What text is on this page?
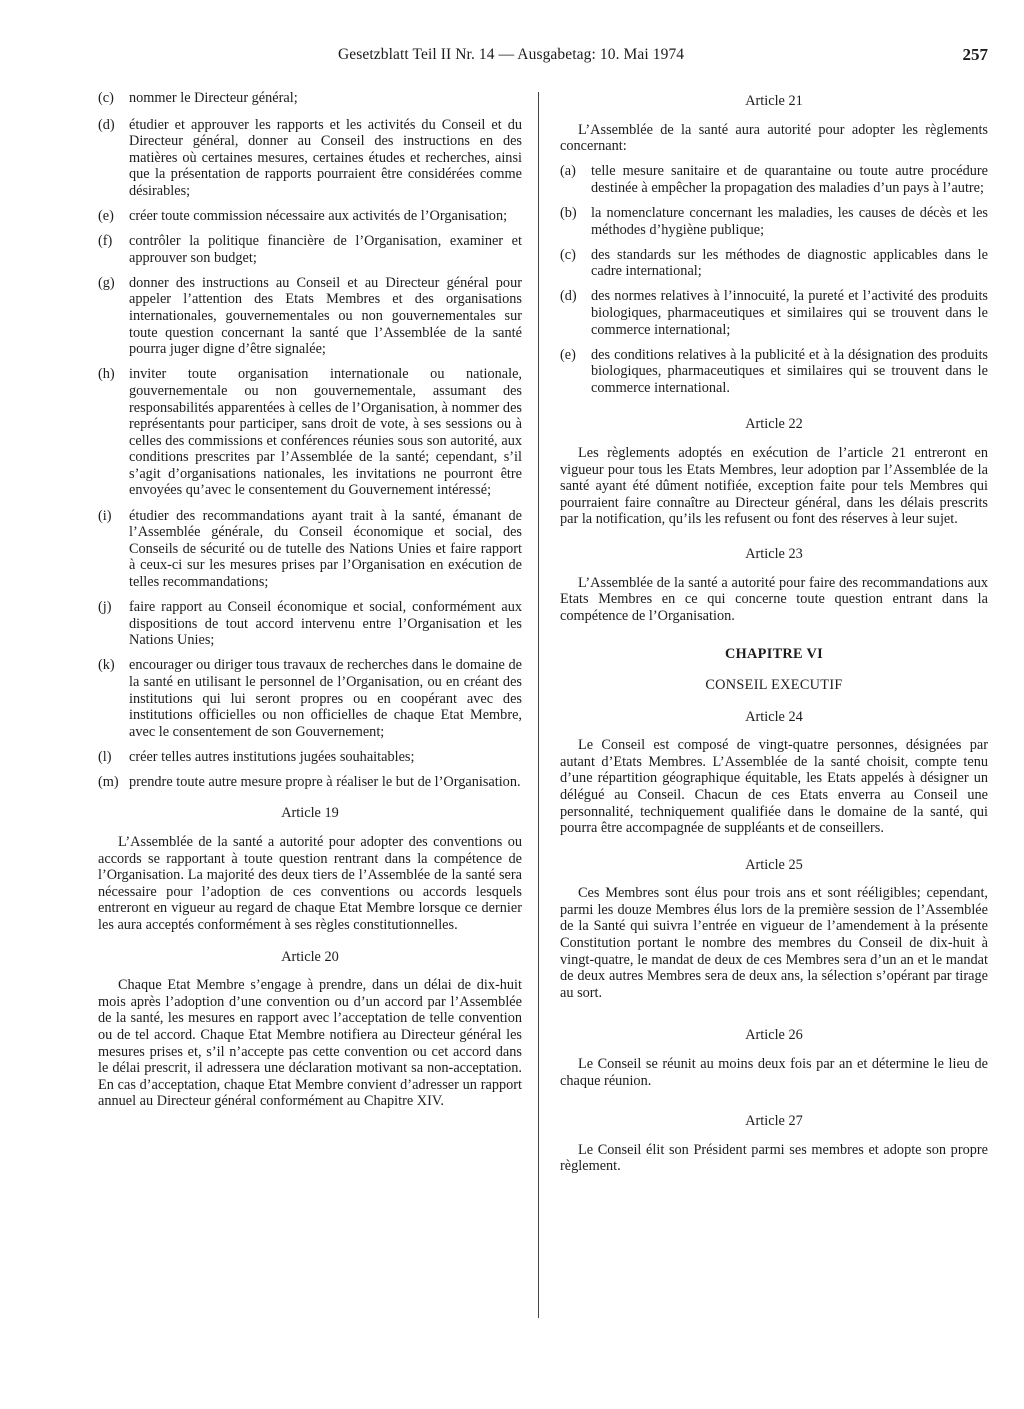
Gesetzblatt Teil II Nr. 14 — Ausgabetag: 10. Mai 1974	257
(c) nommer le Directeur général;
(d) étudier et approuver les rapports et les activités du Conseil et du Directeur général, donner au Conseil des instructions en des matières où certaines mesures, certaines études et recherches, ainsi que la présentation de rapports pourraient être considérées comme désirables;
(e) créer toute commission nécessaire aux activités de l’Organisation;
(f) contrôler la politique financière de l’Organisation, examiner et approuver son budget;
(g) donner des instructions au Conseil et au Directeur général pour appeler l’attention des Etats Membres et des organisations internationales, gouvernementales ou non gouvernementales sur toute question concernant la santé que l’Assemblée de la santé pourra juger digne d’être signalée;
(h) inviter toute organisation internationale ou nationale, gouvernementale ou non gouvernementale, assumant des responsabilités apparentées à celles de l’Organisation, à nommer des représentants pour participer, sans droit de vote, à ses sessions ou à celles des commissions et conférences réunies sous son autorité, aux conditions prescrites par l’Assemblée de la santé; cependant, s’il s’agit d’organisations nationales, les invitations ne pourront être envoyées qu’avec le consentement du Gouvernement intéressé;
(i) étudier des recommandations ayant trait à la santé, émanant de l’Assemblée générale, du Conseil économique et social, des Conseils de sécurité ou de tutelle des Nations Unies et faire rapport à ceux-ci sur les mesures prises par l’Organisation en exécution de telles recommandations;
(j) faire rapport au Conseil économique et social, conformément aux dispositions de tout accord intervenu entre l’Organisation et les Nations Unies;
(k) encourager ou diriger tous travaux de recherches dans le domaine de la santé en utilisant le personnel de l’Organisation, ou en créant des institutions qui lui seront propres ou en coopérant avec des institutions officielles ou non officielles de chaque Etat Membre, avec le consentement de son Gouvernement;
(l) créer telles autres institutions jugées souhaitables;
(m) prendre toute autre mesure propre à réaliser le but de l’Organisation.
Article 19
L’Assemblée de la santé a autorité pour adopter des conventions ou accords se rapportant à toute question rentrant dans la compétence de l’Organisation. La majorité des deux tiers de l’Assemblée de la santé sera nécessaire pour l’adoption de ces conventions ou accords lesquels entreront en vigueur au regard de chaque Etat Membre lorsque ce dernier les aura acceptés conformément à ses règles constitutionnelles.
Article 20
Chaque Etat Membre s’engage à prendre, dans un délai de dix-huit mois après l’adoption d’une convention ou d’un accord par l’Assemblée de la santé, les mesures en rapport avec l’acceptation de telle convention ou de tel accord. Chaque Etat Membre notifiera au Directeur général les mesures prises et, s’il n’accepte pas cette convention ou cet accord dans le délai prescrit, il adressera une déclaration motivant sa non-acceptation. En cas d’acceptation, chaque Etat Membre convient d’adresser un rapport annuel au Directeur général conformément au Chapitre XIV.
Article 21
L’Assemblée de la santé aura autorité pour adopter les règlements concernant:
(a) telle mesure sanitaire et de quarantaine ou toute autre procédure destinée à empêcher la propagation des maladies d’un pays à l’autre;
(b) la nomenclature concernant les maladies, les causes de décès et les méthodes d’hygiène publique;
(c) des standards sur les méthodes de diagnostic applicables dans le cadre international;
(d) des normes relatives à l’innocuité, la pureté et l’activité des produits biologiques, pharmaceutiques et similaires qui se trouvent dans le commerce international;
(e) des conditions relatives à la publicité et à la désignation des produits biologiques, pharmaceutiques et similaires qui se trouvent dans le commerce international.
Article 22
Les règlements adoptés en exécution de l’article 21 entreront en vigueur pour tous les Etats Membres, leur adoption par l’Assemblée de la santé ayant été dûment notifiée, exception faite pour tels Membres qui pourraient faire connaître au Directeur général, dans les délais prescrits par la notification, qu’ils les refusent ou font des réserves à leur sujet.
Article 23
L’Assemblée de la santé a autorité pour faire des recommandations aux Etats Membres en ce qui concerne toute question entrant dans la compétence de l’Organisation.
CHAPITRE VI
CONSEIL EXECUTIF
Article 24
Le Conseil est composé de vingt-quatre personnes, désignées par autant d’Etats Membres. L’Assemblée de la santé choisit, compte tenu d’une répartition géographique équitable, les Etats appelés à désigner un délégué au Conseil. Chacun de ces Etats enverra au Conseil une personnalité, techniquement qualifiée dans le domaine de la santé, qui pourra être accompagnée de suppléants et de conseillers.
Article 25
Ces Membres sont élus pour trois ans et sont rééligibles; cependant, parmi les douze Membres élus lors de la première session de l’Assemblée de la Santé qui suivra l’entrée en vigueur de l’amendement à la présente Constitution portant le nombre des membres du Conseil de dix-huit à vingt-quatre, le mandat de deux de ces Membres sera d’un an et le mandat de deux autres Membres sera de deux ans, la sélection s’opérant par tirage au sort.
Article 26
Le Conseil se réunit au moins deux fois par an et détermine le lieu de chaque réunion.
Article 27
Le Conseil élit son Président parmi ses membres et adopte son propre règlement.
